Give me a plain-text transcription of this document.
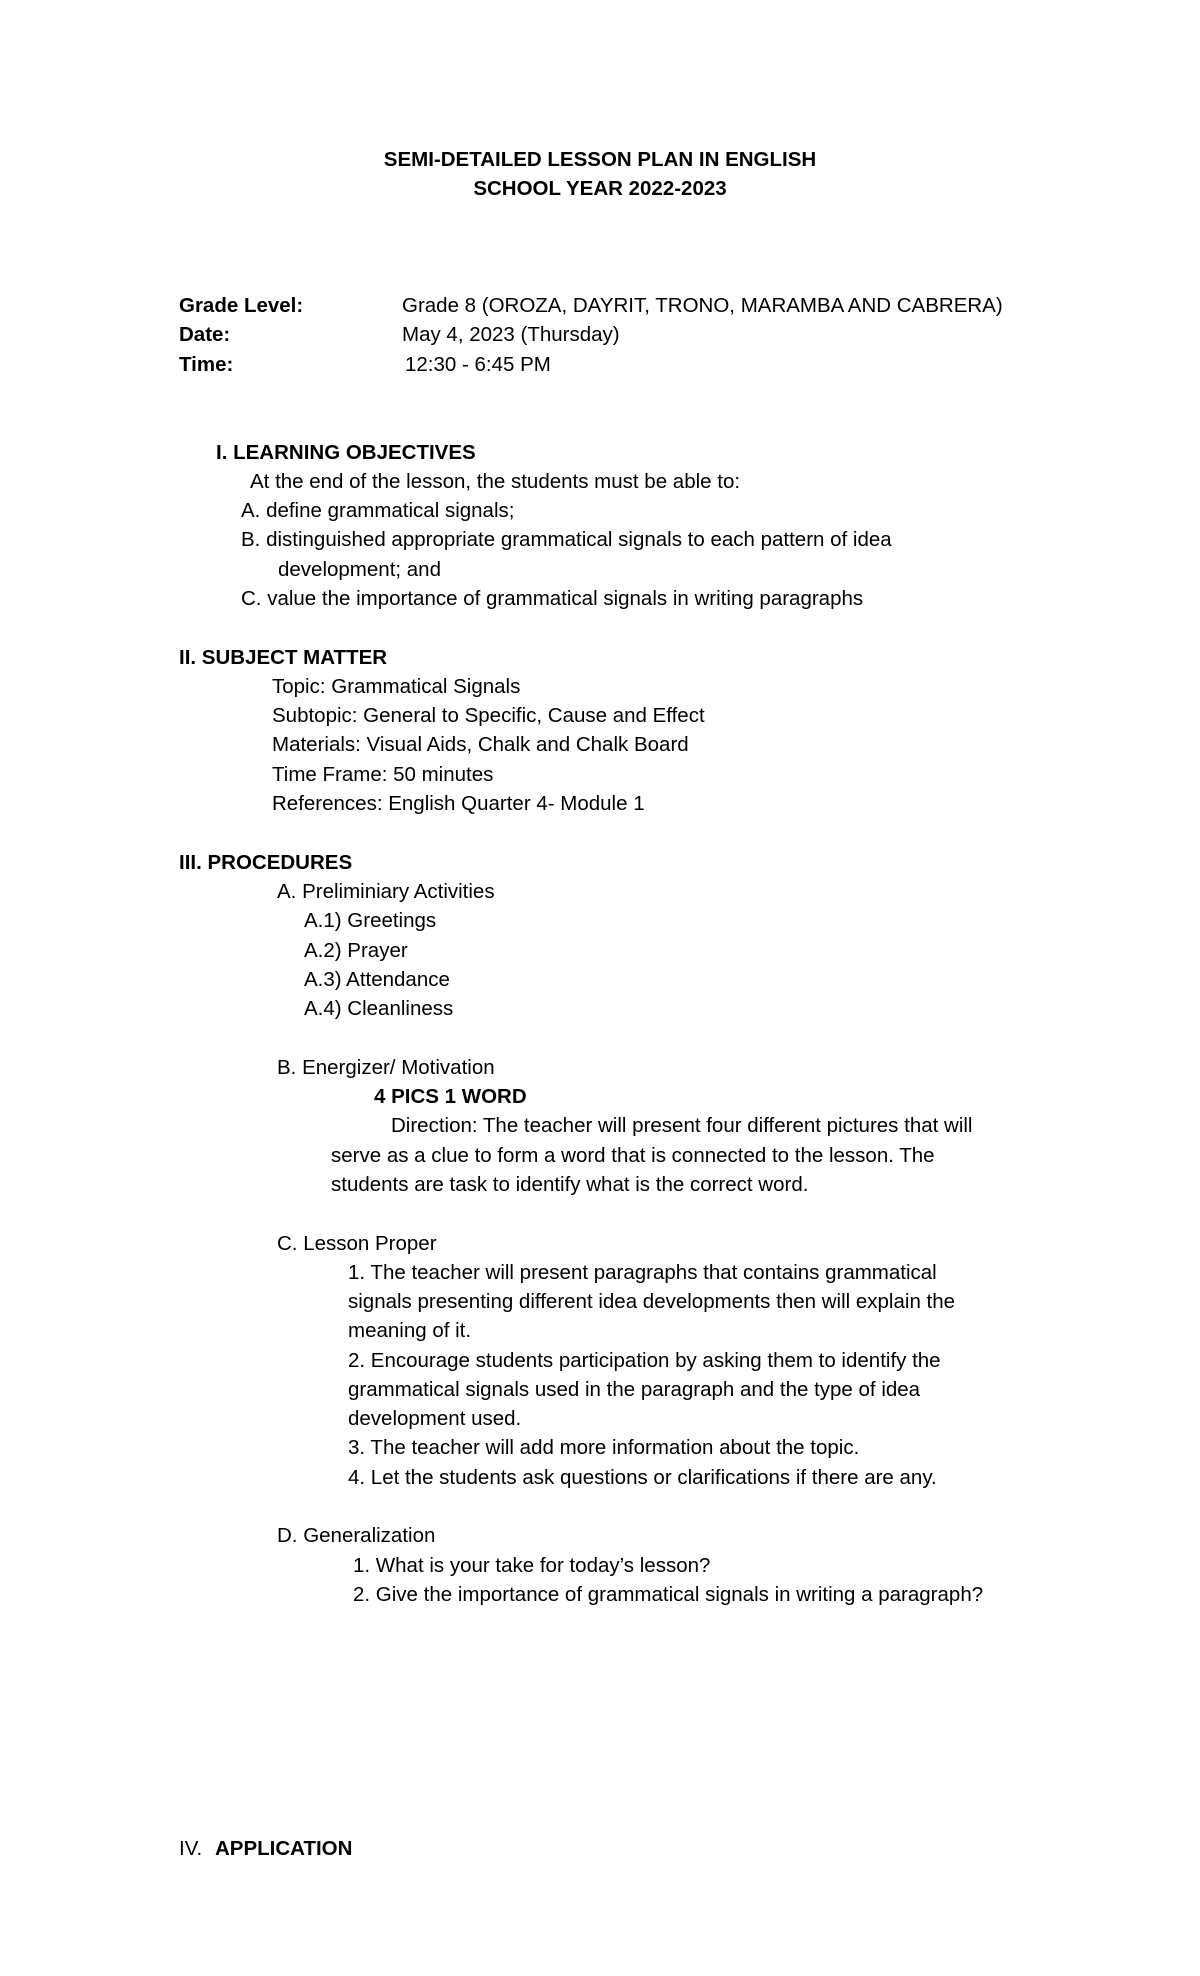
SEMI-DETAILED LESSON PLAN IN ENGLISH
SCHOOL YEAR 2022-2023
Grade Level:	Grade 8 (OROZA, DAYRIT, TRONO, MARAMBA AND CABRERA)
Date:	May 4, 2023 (Thursday)
Time:	12:30 - 6:45 PM
I. LEARNING OBJECTIVES
At the end of the lesson, the students must be able to:
A. define grammatical signals;
B. distinguished appropriate grammatical signals to each pattern of idea
development; and
C. value the importance of grammatical signals in writing paragraphs
II. SUBJECT MATTER
Topic: Grammatical Signals
Subtopic: General to Specific, Cause and Effect
Materials: Visual Aids, Chalk and Chalk Board
Time Frame: 50 minutes
References: English Quarter 4- Module 1
III. PROCEDURES
A. Preliminiary Activities
A.1) Greetings
A.2) Prayer
A.3) Attendance
A.4) Cleanliness
B. Energizer/ Motivation
4 PICS 1 WORD
Direction: The teacher will present four different pictures that will
serve as a clue to form a word that is connected to the lesson. The
students are task to identify what is the correct word.
C. Lesson Proper
1. The teacher will present paragraphs that contains grammatical
signals presenting different idea developments then will explain the
meaning of it.
2. Encourage students participation by asking them to identify the
grammatical signals used in the paragraph and the type of idea
development used.
3. The teacher will add more information about the topic.
4. Let the students ask questions or clarifications if there are any.
D. Generalization
1. What is your take for today’s lesson?
2. Give the importance of grammatical signals in writing a paragraph?
IV. APPLICATION
